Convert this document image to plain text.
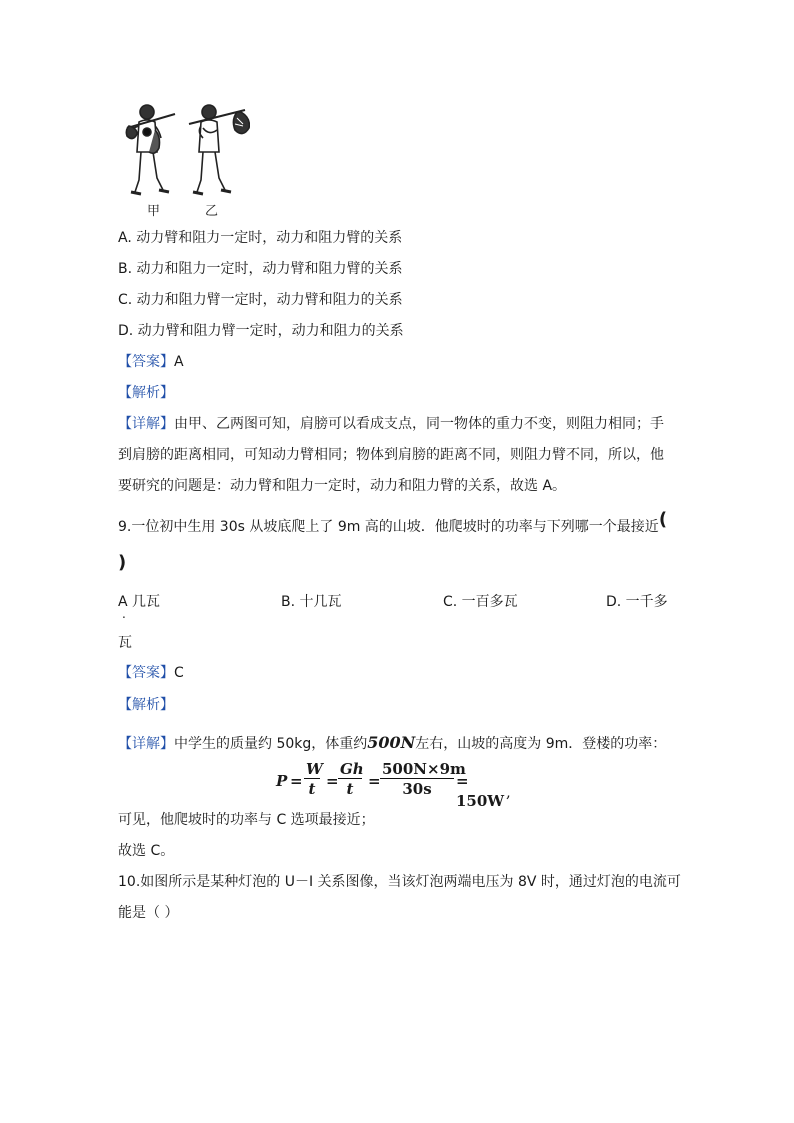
甲	乙
A. 动力臂和阻力一定时，动力和阻力臂的关系
B. 动力和阻力一定时，动力臂和阻力臂的关系
C. 动力和阻力臂一定时，动力臂和阻力的关系
D. 动力臂和阻力臂一定时，动力和阻力的关系
【答案】A
【解析】
【详解】由甲、乙两图可知，肩膀可以看成支点，同一物体的重力不变，则阻力相同；手
到肩膀的距离相同，可知动力臂相同；物体到肩膀的距离不同，则阻力臂不同，所以，他
要研究的问题是：动力臂和阻力一定时，动力和阻力臂的关系，故选 A。
9.一位初中生用 30s 从坡底爬上了 9m 高的山坡．他爬坡时的功率与下列哪一个最接近(
)
A 几瓦
.
B. 十几瓦	C. 一百多瓦	D. 一千多
瓦
【答案】C
【解析】
【详解】中学生的质量约 50kg，体重约500N左右，山坡的高度为 9m．登楼的功率：
$P = \frac{W}{t} = \frac{Gh}{t} = \frac{500N\times 9m}{30s} = 150W$ ,
可见，他爬坡时的功率与 C 选项最接近；
故选 C。
10.如图所示是某种灯泡的 U－I 关系图像，当该灯泡两端电压为 8V 时，通过灯泡的电流可
能是（ ）
